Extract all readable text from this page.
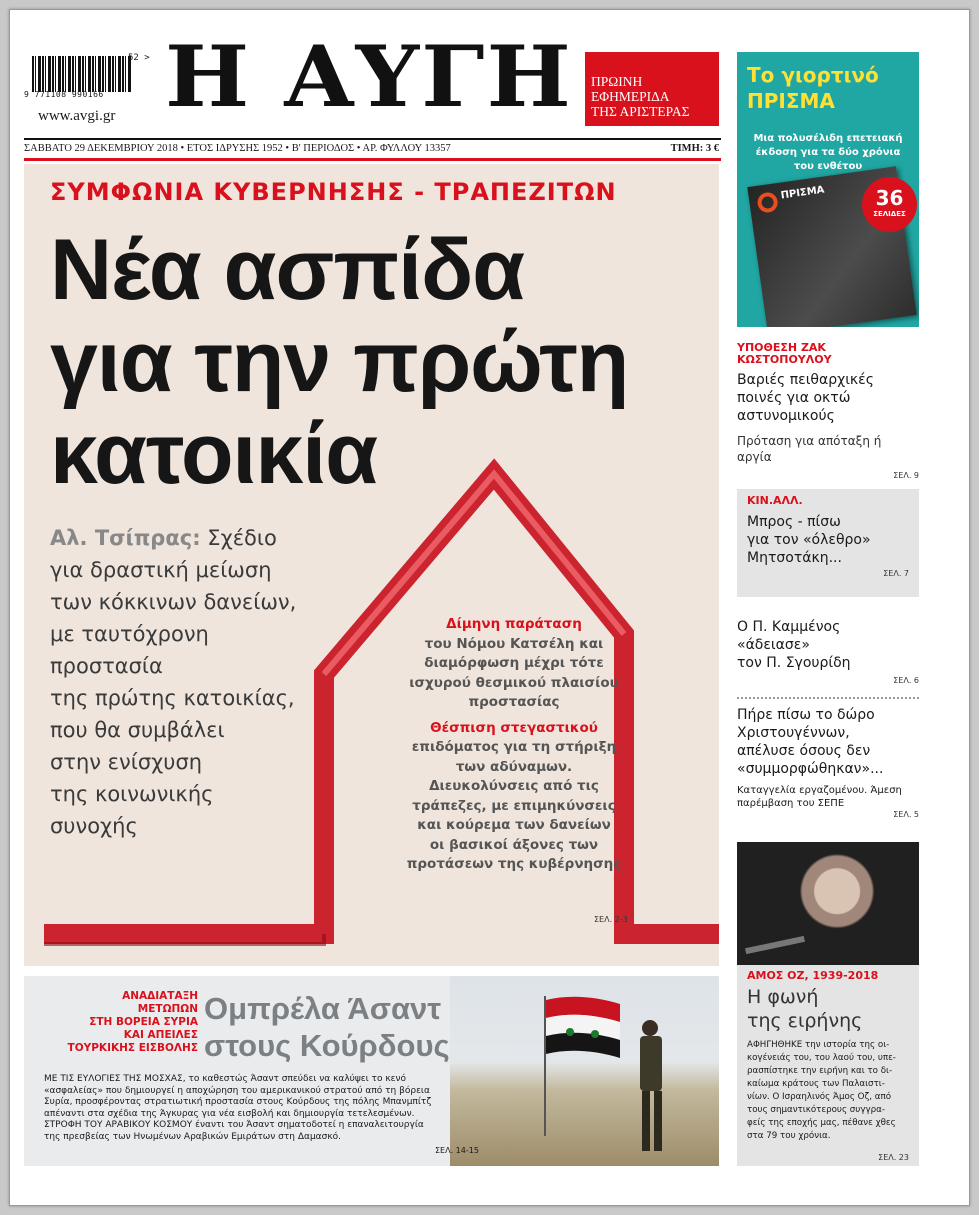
52 >
9 771108 990166
www.avgi.gr Η ΑΥΓΗ ΠΡΩΙΝΗ
ΕΦΗΜΕΡΙΔΑ
ΤΗΣ ΑΡΙΣΤΕΡΑΣ
ΣΑΒΒΑΤΟ 29 ΔΕΚΕΜΒΡΙΟΥ 2018 • ΕΤΟΣ ΙΔΡΥΣΗΣ 1952 • Β' ΠΕΡΙΟΔΟΣ • ΑΡ. ΦΥΛΛΟΥ 13357	ΤΙΜΗ: 3 €
ΣΥΜΦΩΝΙΑ ΚΥΒΕΡΝΗΣΗΣ - ΤΡΑΠΕΖΙΤΩΝ
Νέα ασπίδα
για την πρώτη
κατοικία
Αλ. Τσίπρας: Σχέδιο
για δραστική μείωση
των κόκκινων δανείων,
με ταυτόχρονη
προστασία
της πρώτης κατοικίας,
που θα συμβάλει
στην ενίσχυση
της κοινωνικής
συνοχής
Δίμηνη παράταση
του Νόμου Κατσέλη και
διαμόρφωση μέχρι τότε
ισχυρού θεσμικού πλαισίου
προστασίας
Θέσπιση στεγαστικού
επιδόματος για τη στήριξη
των αδύναμων.
Διευκολύνσεις από τις
τράπεζες, με επιμηκύνσεις
και κούρεμα των δανείων
οι βασικοί άξονες των
προτάσεων της κυβέρνησης
ΣΕΛ. 2-3
Το γιορτινό
ΠΡΙΣΜΑ
Μια πολυσέλιδη επετειακή
έκδοση για τα δύο χρόνια
του ενθέτου
ΠΡΙΣΜΑ	36
ΣΕΛΙΔΕΣ
ΥΠΟΘΕΣΗ ΖΑΚ
ΚΩΣΤΟΠΟΥΛΟΥ
Βαριές πειθαρχικές
ποινές για οκτώ
αστυνομικούς
Πρόταση για απόταξη ή αργία
ΣΕΛ. 9
ΚΙΝ.ΑΛΛ.
Μπρος - πίσω
για τον «όλεθρο»
Μητσοτάκη...
ΣΕΛ. 7
Ο Π. Καμμένος
«άδειασε»
τον Π. Σγουρίδη
ΣΕΛ. 6
Πήρε πίσω το δώρο
Χριστουγέννων,
απέλυσε όσους δεν
«συμμορφώθηκαν»...
Καταγγελία εργαζομένου. Άμεση
παρέμβαση του ΣΕΠΕ
ΣΕΛ. 5
ΑΜΟΣ ΟΖ, 1939-2018
Η φωνή
της ειρήνης
ΑΦΗΓΗΘΗΚΕ την ιστορία της οι-
κογένειάς του, του λαού του, υπε-
ρασπίστηκε την ειρήνη και το δι-
καίωμα κράτους των Παλαιστι-
νίων. Ο Ισραηλινός Άμος Οζ, από
τους σημαντικότερους συγγρα-
φείς της εποχής μας, πέθανε χθες
στα 79 του χρόνια.
ΣΕΛ. 23
ΑΝΑΔΙΑΤΑΞΗ
ΜΕΤΩΠΩΝ
ΣΤΗ ΒΟΡΕΙΑ ΣΥΡΙΑ
ΚΑΙ ΑΠΕΙΛΕΣ
ΤΟΥΡΚΙΚΗΣ ΕΙΣΒΟΛΗΣ
Ομπρέλα Άσαντ
στους Κούρδους
ΜΕ ΤΙΣ ΕΥΛΟΓΙΕΣ ΤΗΣ ΜΟΣΧΑΣ, το καθεστώς Άσαντ σπεύδει να καλύψει το κενό
«ασφαλείας» που δημιουργεί η αποχώρηση του αμερικανικού στρατού από τη βόρεια
Συρία, προσφέροντας στρατιωτική προστασία στους Κούρδους της πόλης Μπανμπίτζ
απέναντι στα σχέδια της Άγκυρας για νέα εισβολή και δημιουργία τετελεσμένων.
ΣΤΡΟΦΗ ΤΟΥ ΑΡΑΒΙΚΟΥ ΚΟΣΜΟΥ έναντι του Άσαντ σηματοδοτεί η επαναλειτουργία
της πρεσβείας των Ηνωμένων Αραβικών Εμιράτων στη Δαμασκό.
ΣΕΛ. 14-15
